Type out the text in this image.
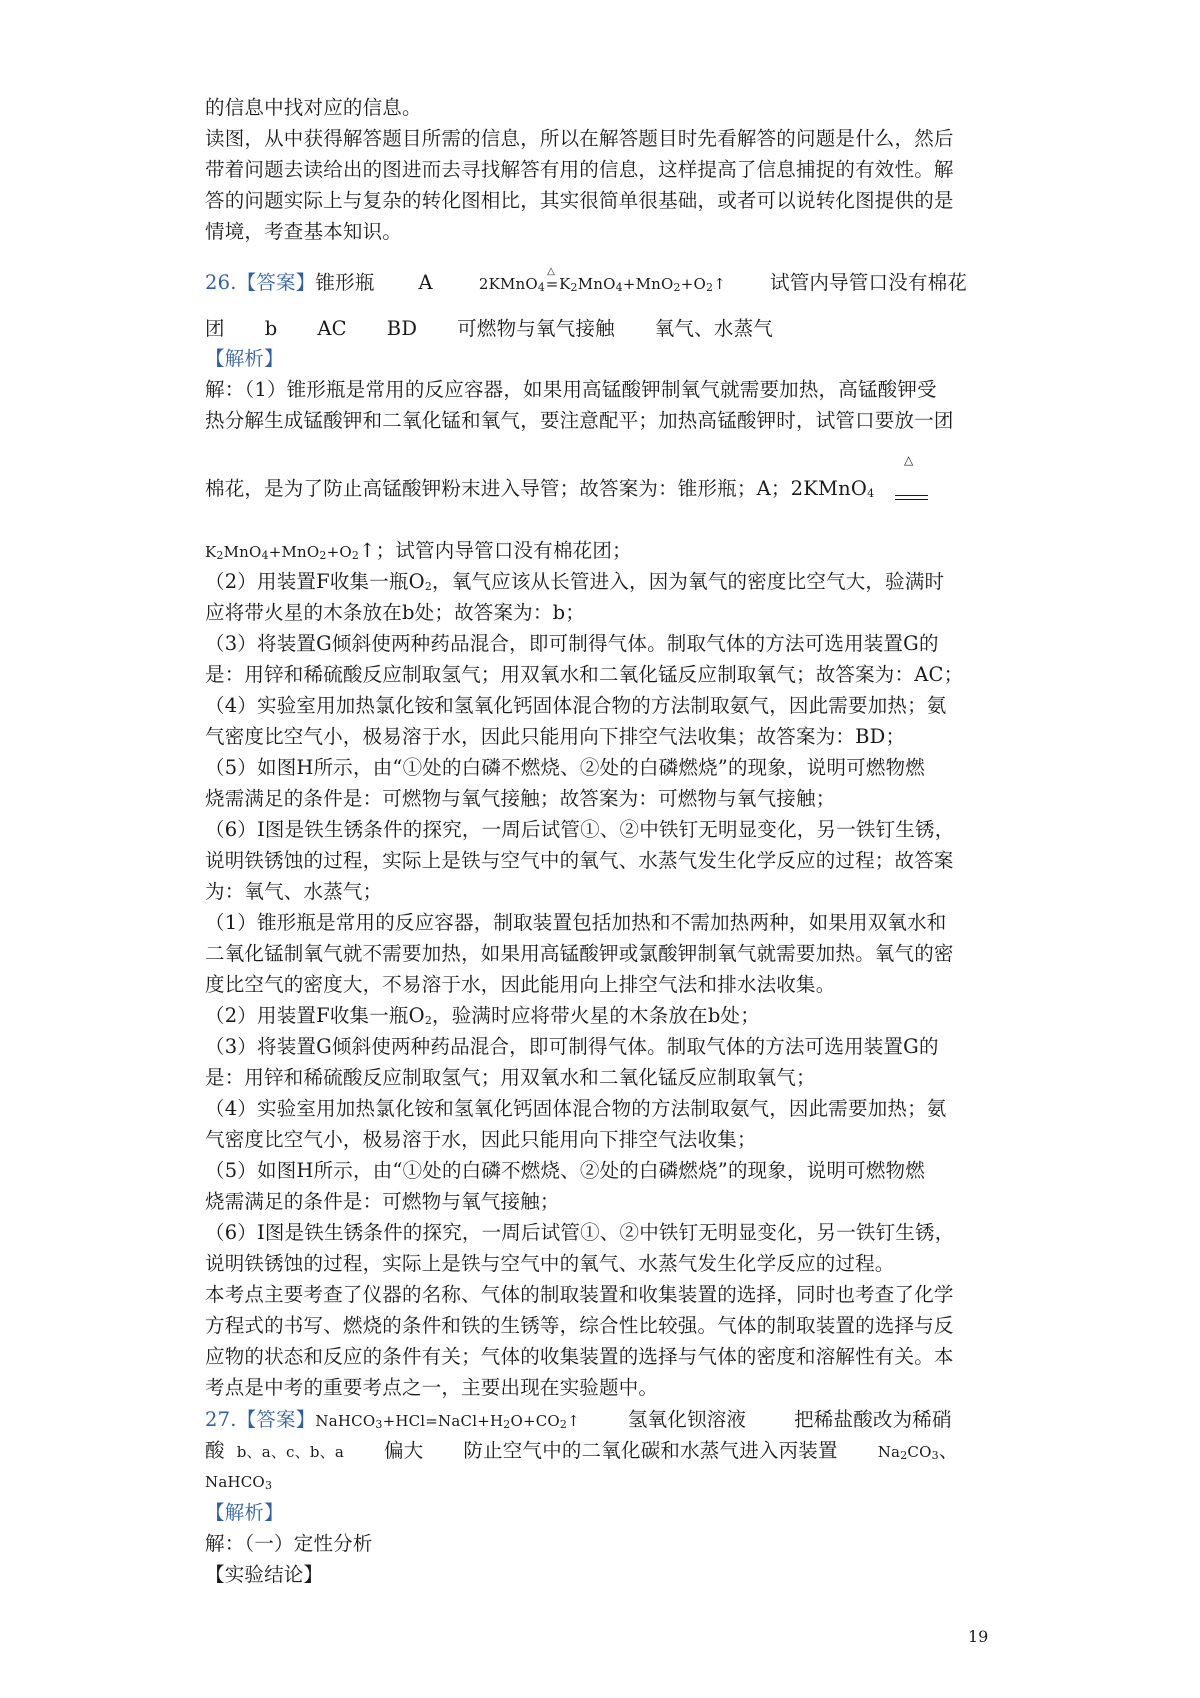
的信息中找对应的信息。
读图，从中获得解答题目所需的信息，所以在解答题目时先看解答的问题是什么，然后
带着问题去读给出的图进而去寻找解答有用的信息，这样提高了信息捕捉的有效性。解
答的问题实际上与复杂的转化图相比，其实很简单很基础，或者可以说转化图提供的是
情境，考查基本知识。
26.【答案】锥形瓶 A	2KMnO4=
△
K2MnO4+MnO2+O2↑ 试管内导管口没有棉花
团 b AC BD 可燃物与氧气接触 氧气、水蒸气
【解析】
解：（1）锥形瓶是常用的反应容器，如果用高锰酸钾制氧气就需要加热，高锰酸钾受
热分解生成锰酸钾和二氧化锰和氧气，要注意配平；加热高锰酸钾时，试管口要放一团
棉花，是为了防止高锰酸钾粉末进入导管；故答案为：锥形瓶；A；2KMnO4
△
K2MnO4+MnO2+O2↑；试管内导管口没有棉花团；
（2）用装置F收集一瓶O2，氧气应该从长管进入，因为氧气的密度比空气大，验满时
应将带火星的木条放在b处；故答案为：b；
（3）将装置G倾斜使两种药品混合，即可制得气体。制取气体的方法可选用装置G的
是：用锌和稀硫酸反应制取氢气；用双氧水和二氧化锰反应制取氧气；故答案为：AC；
（4）实验室用加热氯化铵和氢氧化钙固体混合物的方法制取氨气，因此需要加热；氨
气密度比空气小，极易溶于水，因此只能用向下排空气法收集；故答案为：BD；
（5）如图H所示，由“①处的白磷不燃烧、②处的白磷燃烧”的现象，说明可燃物燃
烧需满足的条件是：可燃物与氧气接触；故答案为：可燃物与氧气接触；
（6）I图是铁生锈条件的探究，一周后试管①、②中铁钉无明显变化，另一铁钉生锈，
说明铁锈蚀的过程，实际上是铁与空气中的氧气、水蒸气发生化学反应的过程；故答案
为：氧气、水蒸气；
（1）锥形瓶是常用的反应容器，制取装置包括加热和不需加热两种，如果用双氧水和
二氧化锰制氧气就不需要加热，如果用高锰酸钾或氯酸钾制氧气就需要加热。氧气的密
度比空气的密度大，不易溶于水，因此能用向上排空气法和排水法收集。
（2）用装置F收集一瓶O2，验满时应将带火星的木条放在b处；
（3）将装置G倾斜使两种药品混合，即可制得气体。制取气体的方法可选用装置G的
是：用锌和稀硫酸反应制取氢气；用双氧水和二氧化锰反应制取氧气；
（4）实验室用加热氯化铵和氢氧化钙固体混合物的方法制取氨气，因此需要加热；氨
气密度比空气小，极易溶于水，因此只能用向下排空气法收集；
（5）如图H所示，由“①处的白磷不燃烧、②处的白磷燃烧”的现象，说明可燃物燃
烧需满足的条件是：可燃物与氧气接触；
（6）I图是铁生锈条件的探究，一周后试管①、②中铁钉无明显变化，另一铁钉生锈，
说明铁锈蚀的过程，实际上是铁与空气中的氧气、水蒸气发生化学反应的过程。
本考点主要考查了仪器的名称、气体的制取装置和收集装置的选择，同时也考查了化学
方程式的书写、燃烧的条件和铁的生锈等，综合性比较强。气体的制取装置的选择与反
应物的状态和反应的条件有关；气体的收集装置的选择与气体的密度和溶解性有关。本
考点是中考的重要考点之一，主要出现在实验题中。
27.【答案】NaHCO3+HCl=NaCl+H2O+CO2↑ 氢氧化钡溶液 把稀盐酸改为稀硝
酸 b、a、c、b、a 偏大 防止空气中的二氧化碳和水蒸气进入丙装置	Na2CO3、
NaHCO3
【解析】
解：（一）定性分析
【实验结论】
19
